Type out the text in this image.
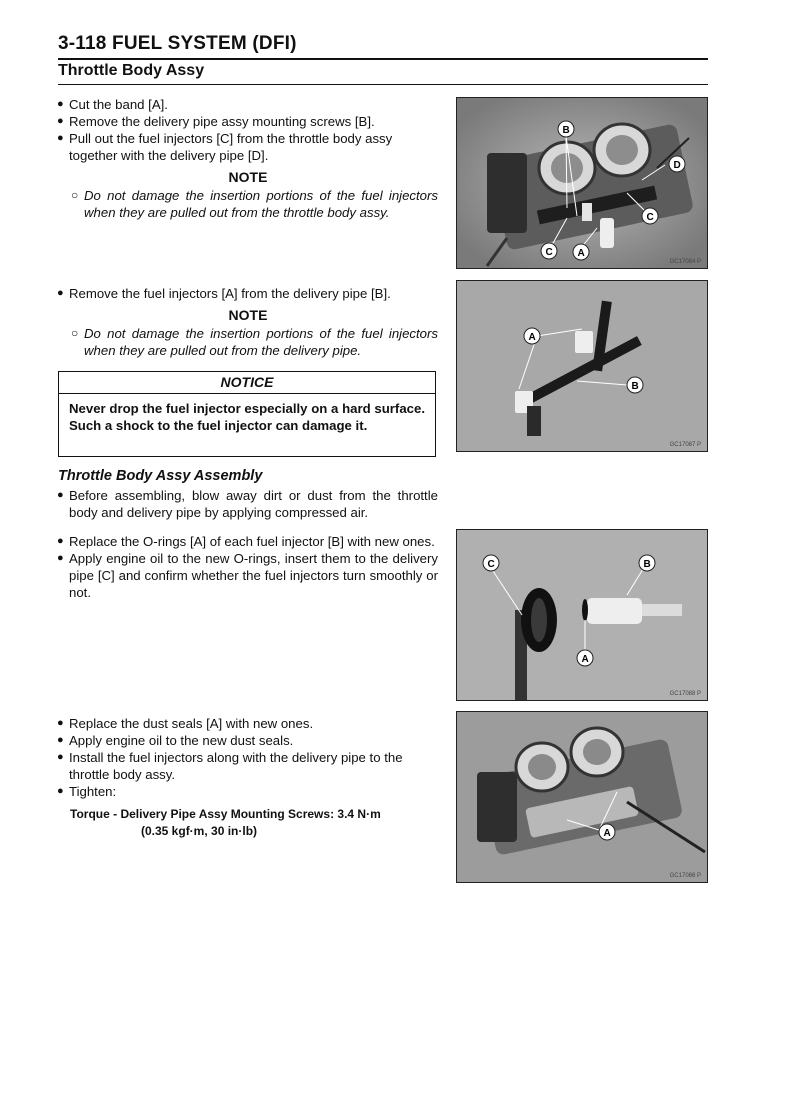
3-118 FUEL SYSTEM (DFI)
Throttle Body Assy
● Cut the band [A].
● Remove the delivery pipe assy mounting screws [B].
● Pull out the fuel injectors [C] from the throttle body assy together with the delivery pipe [D].
NOTE
○ Do not damage the insertion portions of the fuel injectors when they are pulled out from the throttle body assy.
● Remove the fuel injectors [A] from the delivery pipe [B].
NOTE
○ Do not damage the insertion portions of the fuel injectors when they are pulled out from the delivery pipe.
NOTICE
Never drop the fuel injector especially on a hard surface. Such a shock to the fuel injector can damage it.
Throttle Body Assy Assembly
● Before assembling, blow away dirt or dust from the throttle body and delivery pipe by applying compressed air.
● Replace the O-rings [A] of each fuel injector [B] with new ones.
● Apply engine oil to the new O-rings, insert them to the delivery pipe [C] and confirm whether the fuel injectors turn smoothly or not.
● Replace the dust seals [A] with new ones.
● Apply engine oil to the new dust seals.
● Install the fuel injectors along with the delivery pipe to the throttle body assy.
● Tighten:
Torque - Delivery Pipe Assy Mounting Screws: 3.4 N·m
(0.35 kgf·m, 30 in·lb)
B
D
C
C A
GC17084 P
A
B
GC17087 P
C	B
A
GC17088 P
A
GC17086 P
